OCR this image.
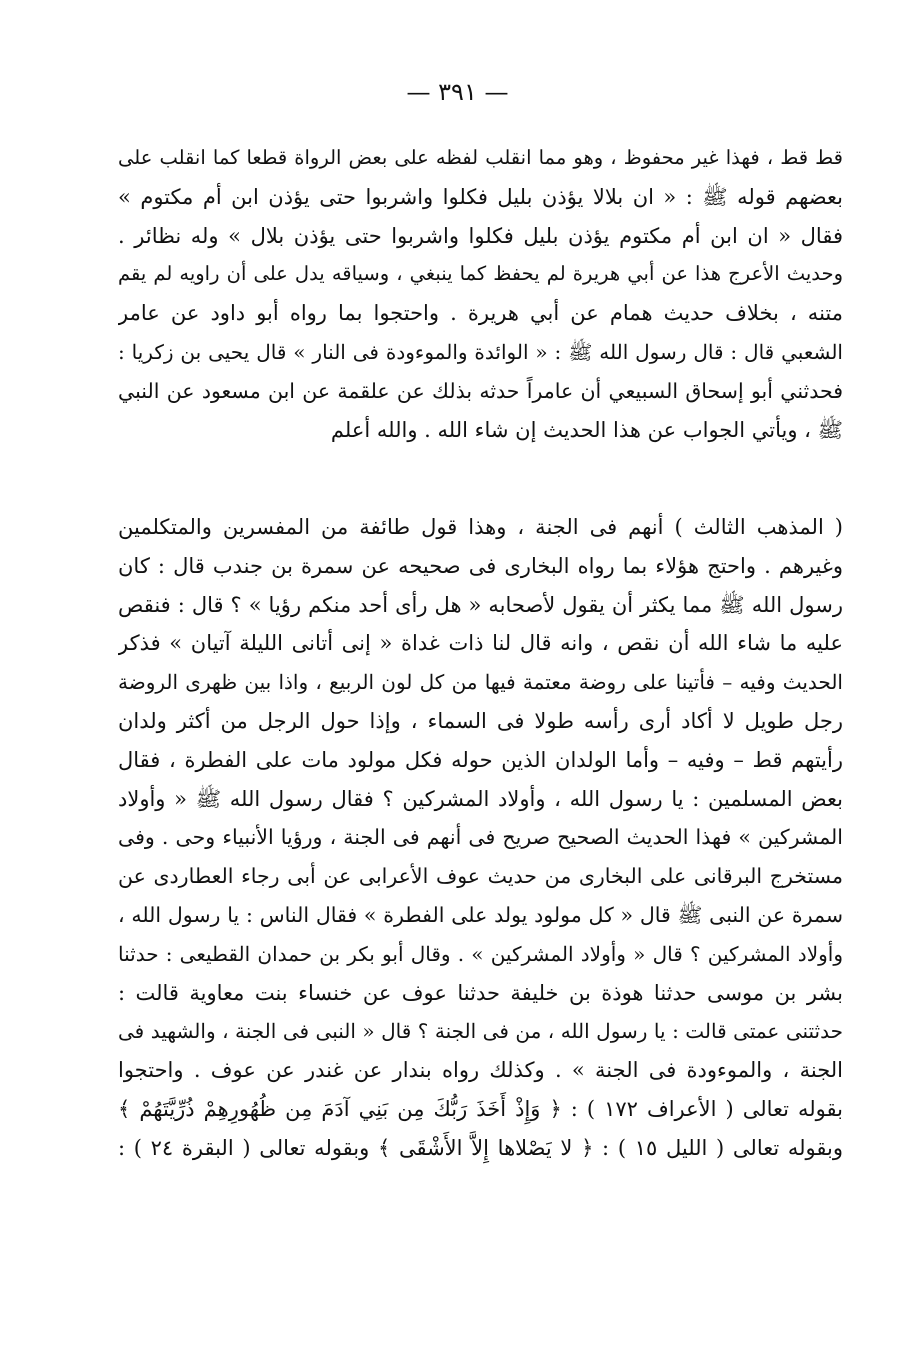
— ٣٩١ —
قط قط ، فهذا غير محفوظ ، وهو مما انقلب لفظه على بعض الرواة قطعا كما انقلب على
بعضهم قوله ﷺ : « ان بلالا يؤذن بليل فكلوا واشربوا حتى يؤذن ابن أم مكتوم »
فقال « ان ابن أم مكتوم يؤذن بليل فكلوا واشربوا حتى يؤذن بلال » وله نظائر .
وحديث الأعرج هذا عن أبي هريرة لم يحفظ كما ينبغي ، وسياقه يدل على أن راويه لم يقم
متنه ، بخلاف حديث همام عن أبي هريرة . واحتجوا بما رواه أبو داود عن عامر
الشعبي قال : قال رسول الله ﷺ : « الوائدة والموءودة فى النار » قال يحيى بن زكريا :
فحدثني أبو إسحاق السبيعي أن عامراً حدثه بذلك عن علقمة عن ابن مسعود عن النبي
ﷺ ، ويأتي الجواب عن هذا الحديث إن شاء الله . والله أعلم
( المذهب الثالث ) أنهم فى الجنة ، وهذا قول طائفة من المفسرين والمتكلمين
وغيرهم . واحتج هؤلاء بما رواه البخارى فى صحيحه عن سمرة بن جندب قال : كان
رسول الله ﷺ مما يكثر أن يقول لأصحابه « هل رأى أحد منكم رؤيا » ؟ قال : فنقص
عليه ما شاء الله أن نقص ، وانه قال لنا ذات غداة « إنى أتانى الليلة آتيان » فذكر
الحديث وفيه – فأتينا على روضة معتمة فيها من كل لون الربيع ، واذا بين ظهرى الروضة
رجل طويل لا أكاد أرى رأسه طولا فى السماء ، وإذا حول الرجل من أكثر ولدان
رأيتهم قط – وفيه – وأما الولدان الذين حوله فكل مولود مات على الفطرة ، فقال
بعض المسلمين : يا رسول الله ، وأولاد المشركين ؟ فقال رسول الله ﷺ « وأولاد
المشركين » فهذا الحديث الصحيح صريح فى أنهم فى الجنة ، ورؤيا الأنبياء وحى . وفى
مستخرج البرقانى على البخارى من حديث عوف الأعرابى عن أبى رجاء العطاردى عن
سمرة عن النبى ﷺ قال « كل مولود يولد على الفطرة » فقال الناس : يا رسول الله ،
وأولاد المشركين ؟ قال « وأولاد المشركين » . وقال أبو بكر بن حمدان القطيعى : حدثنا
بشر بن موسى حدثنا هوذة بن خليفة حدثنا عوف عن خنساء بنت معاوية قالت :
حدثتنى عمتى قالت : يا رسول الله ، من فى الجنة ؟ قال « النبى فى الجنة ، والشهيد فى
الجنة ، والموءودة فى الجنة » . وكذلك رواه بندار عن غندر عن عوف . واحتجوا
بقوله تعالى ( الأعراف ١٧٢ ) : ﴿ وَإِذْ أَخَذَ رَبُّكَ مِن بَنِي آدَمَ مِن ظُهُورِهِمْ ذُرِّيَّتَهُمْ ﴾
وبقوله تعالى ( الليل ١٥ ) : ﴿ لا يَصْلاها إِلاَّ الأَشْقَى ﴾ وبقوله تعالى ( البقرة ٢٤ ) :
